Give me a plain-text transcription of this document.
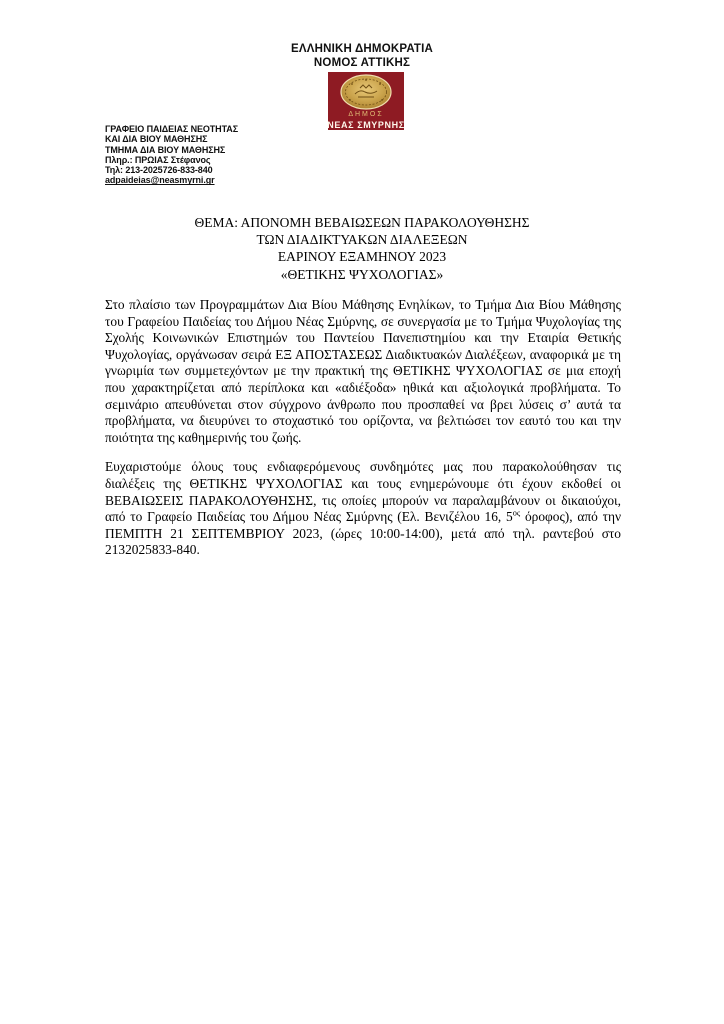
ΕΛΛΗΝΙΚΗ ΔΗΜΟΚΡΑΤΙΑ
ΝΟΜΟΣ ΑΤΤΙΚΗΣ
ΔΗΜΟΣ
ΝΕΑΣ ΣΜΥΡΝΗΣ
ΓΡΑΦΕΙΟ ΠΑΙΔΕΙΑΣ ΝΕΟΤΗΤΑΣ
ΚΑΙ ΔΙΑ ΒΙΟΥ ΜΑΘΗΣΗΣ
ΤΜΗΜΑ ΔΙΑ ΒΙΟΥ ΜΑΘΗΣΗΣ
Πληρ.: ΠΡΩΙΑΣ Στέφανος
Τηλ: 213-2025726-833-840
adpaideias@neasmyrni.gr
ΘΕΜΑ: ΑΠΟΝΟΜΗ ΒΕΒΑΙΩΣΕΩΝ ΠΑΡΑΚΟΛΟΥΘΗΣΗΣ
ΤΩΝ ΔΙΑΔΙΚΤΥΑΚΩΝ ΔΙΑΛΕΞΕΩΝ
ΕΑΡΙΝΟΥ ΕΞΑΜΗΝΟΥ 2023
«ΘΕΤΙΚΗΣ ΨΥΧΟΛΟΓΙΑΣ»

Στο πλαίσιο των Προγραμμάτων Δια Βίου Μάθησης Ενηλίκων, το Τμήμα Δια Βίου Μάθησης του Γραφείου Παιδείας του Δήμου Νέας Σμύρνης, σε συνεργασία με το Τμήμα Ψυχολογίας της Σχολής Κοινωνικών Επιστημών του Παντείου Πανεπιστημίου και την Εταιρία Θετικής Ψυχολογίας, οργάνωσαν σειρά ΕΞ ΑΠΟΣΤΑΣΕΩΣ Διαδικτυακών Διαλέξεων, αναφορικά με τη γνωριμία των συμμετεχόντων με την πρακτική της ΘΕΤΙΚΗΣ ΨΥΧΟΛΟΓΙΑΣ σε μια εποχή που χαρακτηρίζεται από περίπλοκα και «αδιέξοδα» ηθικά και αξιολογικά προβλήματα. Το σεμινάριο απευθύνεται στον σύγχρονο άνθρωπο που προσπαθεί να βρει λύσεις σ’ αυτά τα προβλήματα, να διευρύνει το στοχαστικό του ορίζοντα, να βελτιώσει τον εαυτό του και την ποιότητα της καθημερινής του ζωής.

Ευχαριστούμε όλους τους ενδιαφερόμενους συνδημότες μας που παρακολούθησαν τις διαλέξεις της ΘΕΤΙΚΗΣ ΨΥΧΟΛΟΓΙΑΣ και τους ενημερώνουμε ότι έχουν εκδοθεί οι ΒΕΒΑΙΩΣΕΙΣ ΠΑΡΑΚΟΛΟΥΘΗΣΗΣ, τις οποίες μπορούν να παραλαμβάνουν οι δικαιούχοι, από το Γραφείο Παιδείας του Δήμου Νέας Σμύρνης (Ελ. Βενιζέλου 16, $5^{o\varsigma}$ όροφος), από την ΠΕΜΠΤΗ 21 ΣΕΠΤΕΜΒΡΙΟΥ 2023, (ώρες 10:00-14:00), μετά από τηλ. ραντεβού στο 2132025833-840.
